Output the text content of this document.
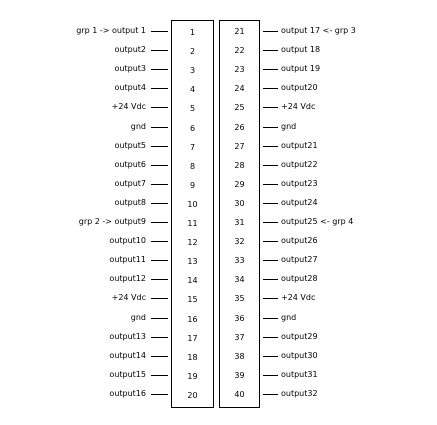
1
2
3
4
5
6
7
8
9
10
11
12
13
14
15
16
17
18
19
20
21
22
23
24
25
26
27
28
29
30
31
32
33
34
35
36
37
38
39
40
grp 1 -> output 1
output2
output3
output4
+24 Vdc
gnd
output5
output6
output7
output8
grp 2 -> output9
output10
output11
output12
+24 Vdc
gnd
output13
output14
output15
output16
output 17 <- grp 3
output 18
output 19
output20
+24 Vdc
gnd
output21
output22
output23
output24
output25 <- grp 4
output26
output27
output28
+24 Vdc
gnd
output29
output30
output31
output32
